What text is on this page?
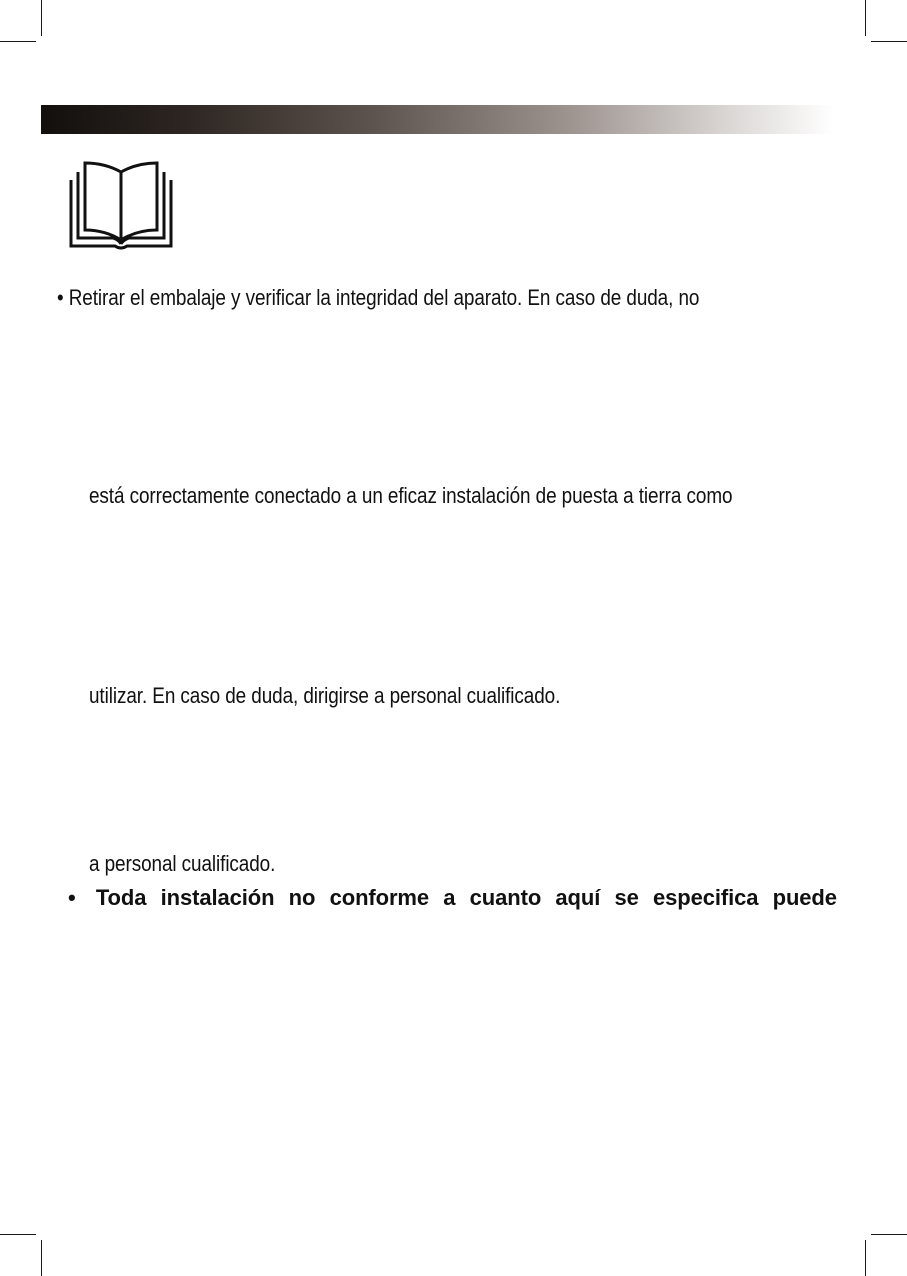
• Retirar el embalaje y verificar la integridad del aparato. En caso de duda, no
está correctamente conectado a un eficaz instalación de puesta a tierra como
utilizar. En caso de duda, dirigirse a personal cualificado.
a personal cualificado.
• Toda instalación no conforme a cuanto aquí se especifica puede
